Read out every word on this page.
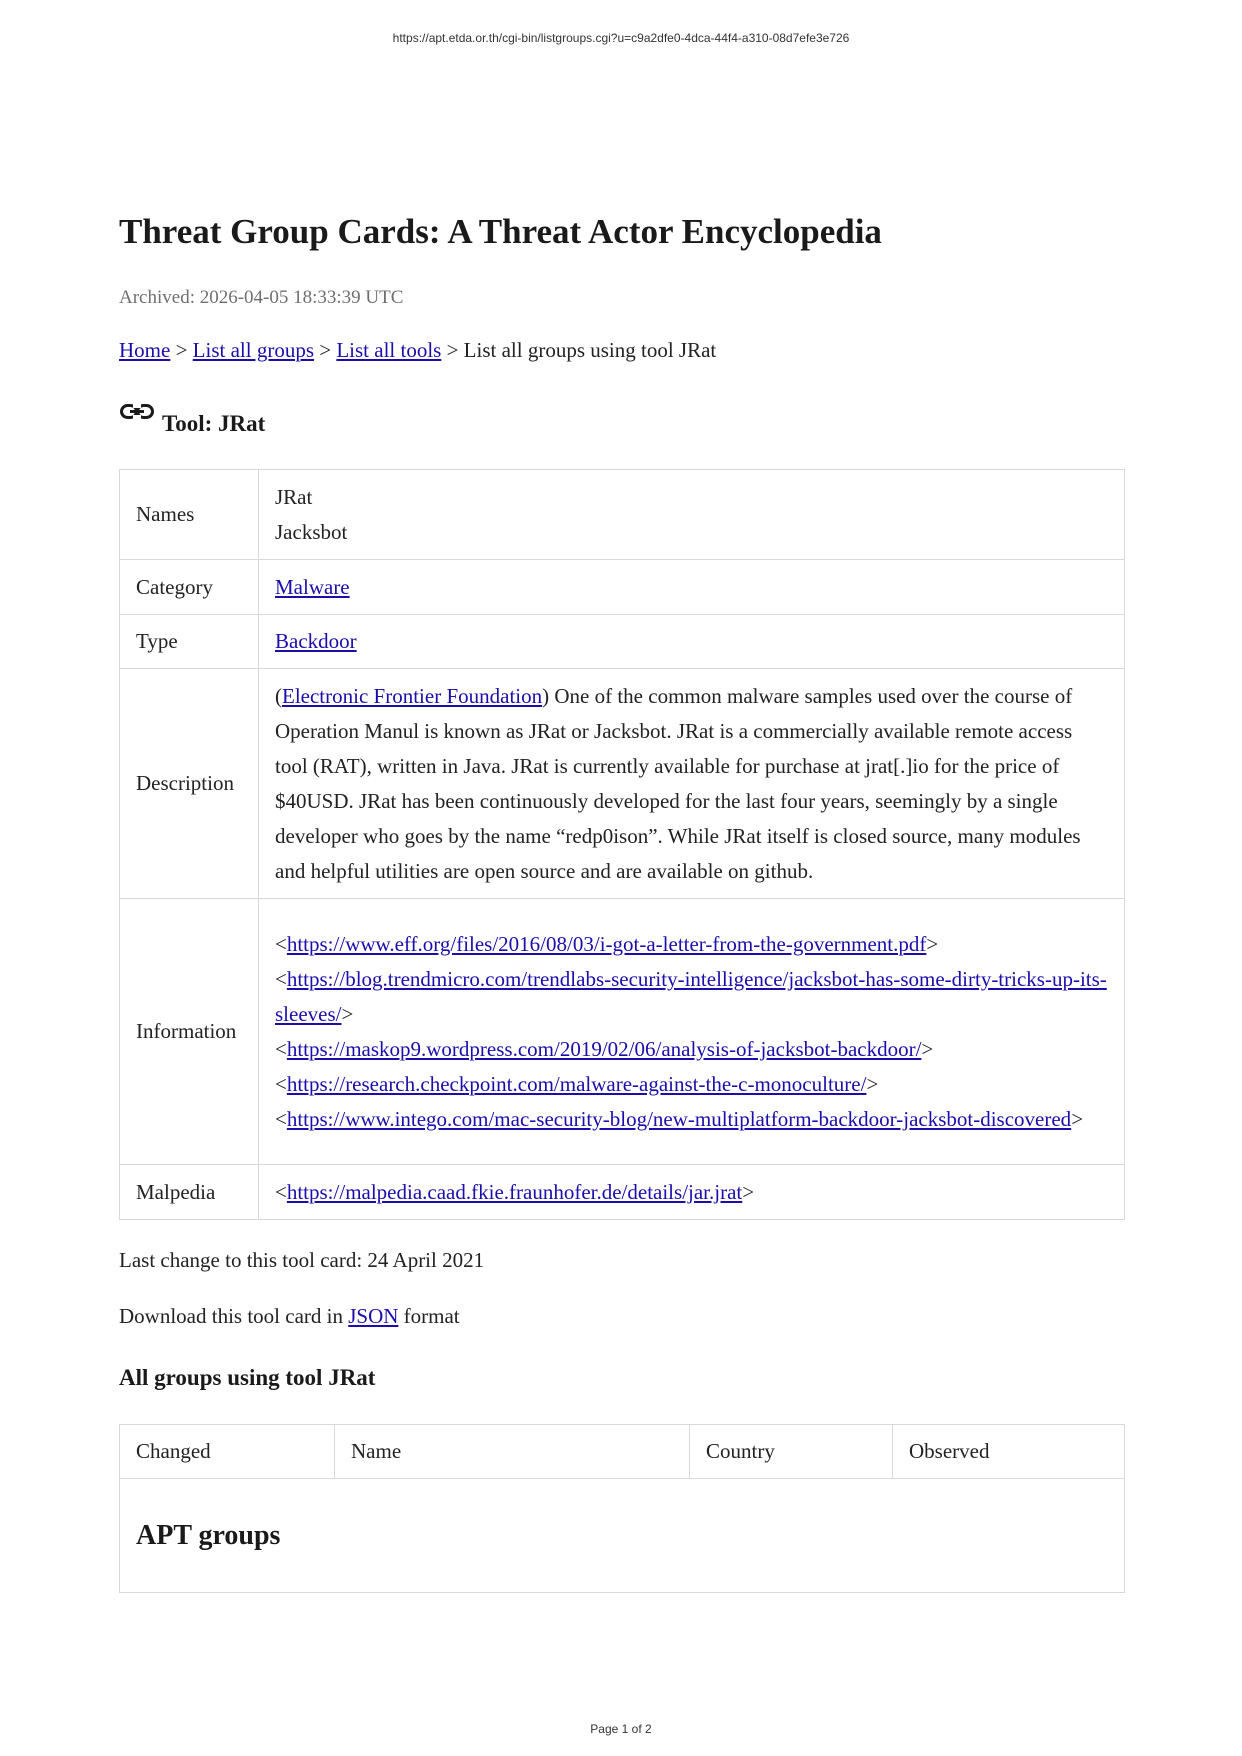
https://apt.etda.or.th/cgi-bin/listgroups.cgi?u=c9a2dfe0-4dca-44f4-a310-08d7efe3e726
Threat Group Cards: A Threat Actor Encyclopedia
Archived: 2026-04-05 18:33:39 UTC
Home > List all groups > List all tools > List all groups using tool JRat
Tool: JRat
Names	JRat
Jacksbot

Category	Malware
Type	Backdoor
Description	(Electronic Frontier Foundation) One of the common malware samples used over the course of Operation Manul is known as JRat or Jacksbot. JRat is a commercially available remote access tool (RAT), written in Java. JRat is currently available for purchase at jrat[.]io for the price of $40USD. JRat has been continuously developed for the last four years, seemingly by a single developer who goes by the name “redp0ison”. While JRat itself is closed source, many modules and helpful utilities are open source and are available on github.
Information	<https://www.eff.org/files/2016/08/03/i-got-a-letter-from-the-government.pdf>
<https://blog.trendmicro.com/trendlabs-security-intelligence/jacksbot-has-some-dirty-tricks-up-its-sleeves/>
<https://maskop9.wordpress.com/2019/02/06/analysis-of-jacksbot-backdoor/>
<https://research.checkpoint.com/malware-against-the-c-monoculture/>
<https://www.intego.com/mac-security-blog/new-multiplatform-backdoor-jacksbot-discovered>

Malpedia	<https://malpedia.caad.fkie.fraunhofer.de/details/jar.jrat>
Last change to this tool card: 24 April 2021
Download this tool card in JSON format
All groups using tool JRat
Changed	Name	Country	Observed
APT groups
Page 1 of 2
